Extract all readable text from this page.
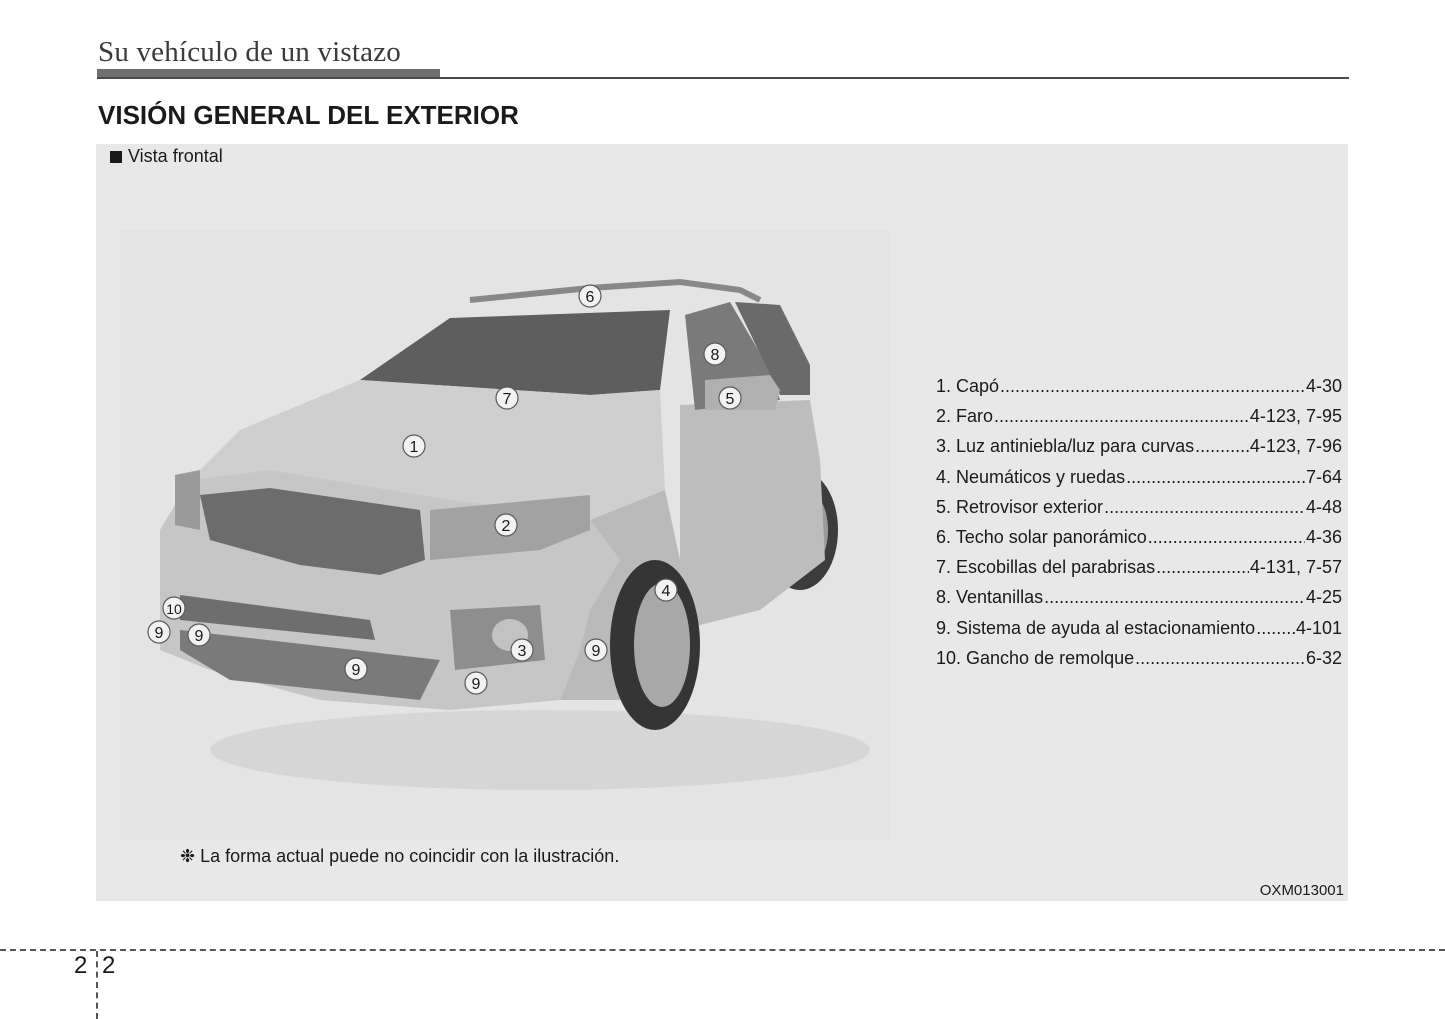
Su vehículo de un vistazo
VISIÓN GENERAL DEL EXTERIOR
Vista frontal
1
2
3
4
5
6
7
8
9 9
9
9
9
10
1. Capó .....	4-30
2. Faro .....	4-123, 7-95
3. Luz antiniebla/luz para curvas .....	4-123, 7-96
4. Neumáticos y ruedas .....	7-64
5. Retrovisor exterior .....	4-48
6. Techo solar panorámico .....	4-36
7. Escobillas del parabrisas .....	4-131, 7-57
8. Ventanillas .....	4-25
9. Sistema de ayuda al estacionamiento ..... 4-101
10. Gancho de remolque .....	6-32
❉ La forma actual puede no coincidir con la ilustración.
OXM013001
2 2
